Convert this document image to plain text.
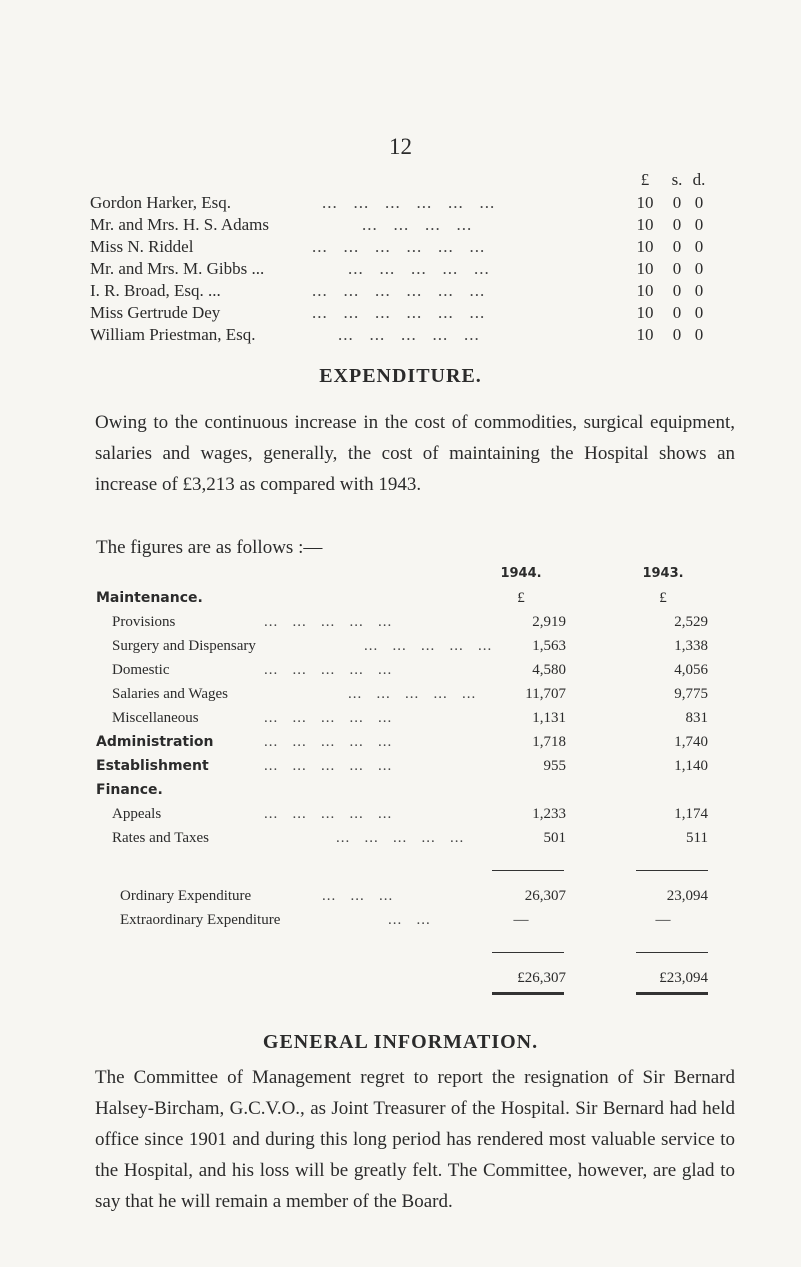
12
£	s. d.
Gordon Harker, Esq.	...   ...   ...   ...   ...   ...	10	0 0
Mr. and Mrs. H. S. Adams	...   ...   ...   ...	10	0 0
Miss N. Riddel	...   ...   ...   ...   ...   ...	10	0 0
Mr. and Mrs. M. Gibbs ...	...   ...   ...   ...   ...	10	0 0
I. R. Broad, Esq. ...	...   ...   ...   ...   ...   ...	10	0 0
Miss Gertrude Dey	...   ...   ...   ...   ...   ...	10	0 0
William Priestman, Esq.	...   ...   ...   ...   ...	10	0 0
EXPENDITURE.

Owing to the continuous increase in the cost of commodities, surgical equipment, salaries and wages, generally, the cost of maintaining the Hospital shows an increase of £3,213 as compared with 1943.

The figures are as follows :—
1944.	1943.
Maintenance.	£	£
Provisions	...   ...   ...   ...   ...	2,919	2,529
Surgery and Dispensary	...   ...   ...   ...   ...	1,563	1,338
Domestic	...   ...   ...   ...   ...	4,580	4,056
Salaries and Wages	...   ...   ...   ...   ...	11,707	9,775
Miscellaneous	...   ...   ...   ...   ...	1,131	831
Administration	...   ...   ...   ...   ...	1,718	1,740
Establishment	...   ...   ...   ...   ...	955	1,140
Finance.
Appeals	...   ...   ...   ...   ...	1,233	1,174
Rates and Taxes	...   ...   ...   ...   ...	501	511
Ordinary Expenditure	...   ...   ...	26,307	23,094
Extraordinary Expenditure	...   ...	—	—
£26,307	£23,094
GENERAL INFORMATION.

The Committee of Management regret to report the resignation of Sir Bernard Halsey-Bircham, G.C.V.O., as Joint Treasurer of the Hospital. Sir Bernard had held office since 1901 and during this long period has rendered most valuable service to the Hospital, and his loss will be greatly felt. The Committee, however, are glad to say that he will remain a member of the Board.
